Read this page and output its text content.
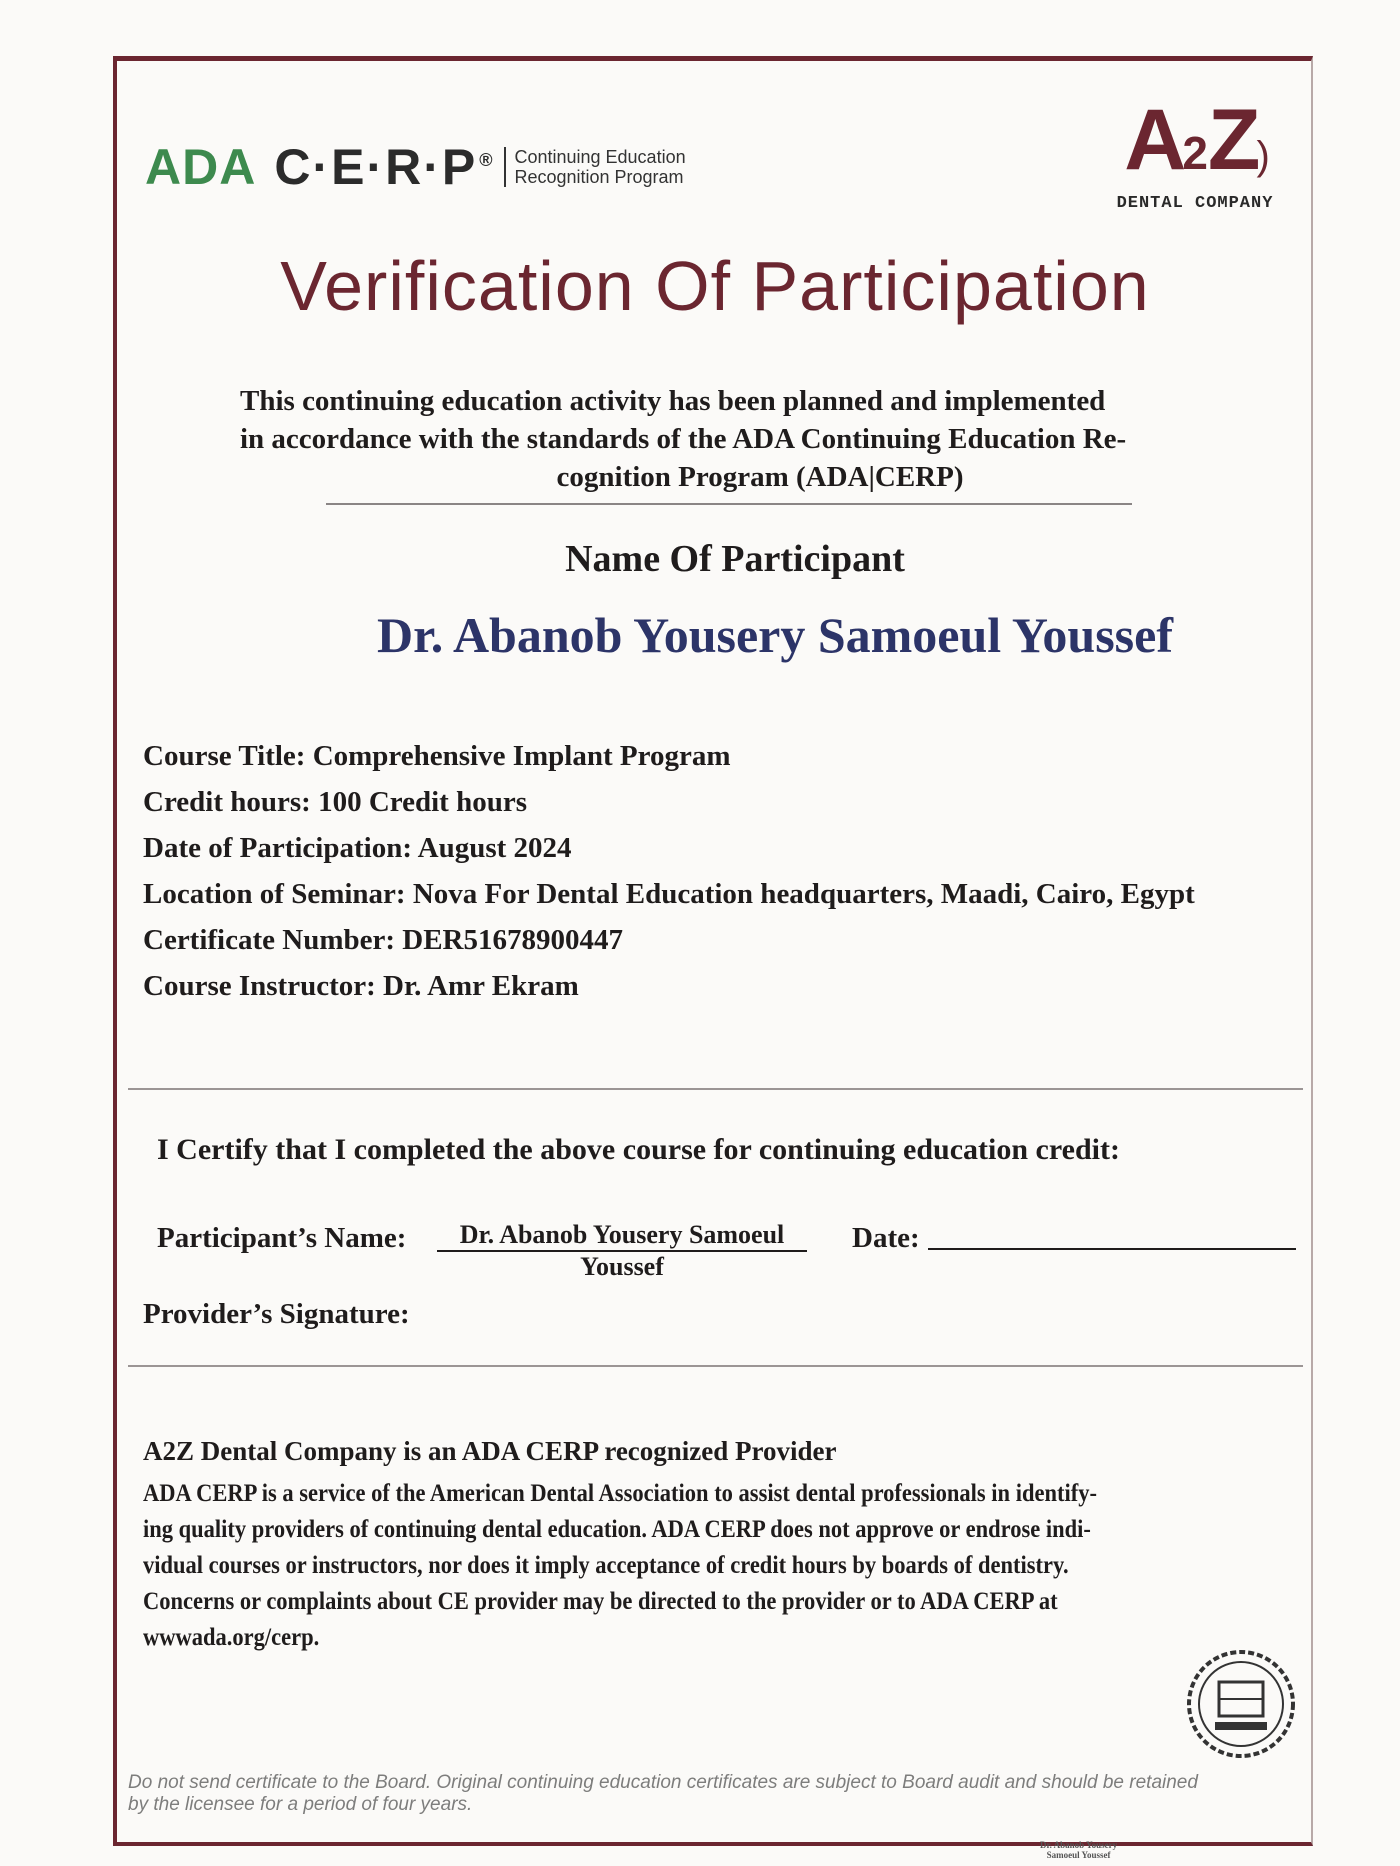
ADA C·E·R·P ® Continuing Education
Recognition Program	A2Z)
DENTAL COMPANY
Verification Of Participation
This continuing education activity has been planned and implemented
in accordance with the standards of the ADA Continuing Education Re-
cognition Program (ADA|CERP)
Name Of Participant
Dr. Abanob Yousery Samoeul Youssef
Course Title: Comprehensive Implant Program
Credit hours: 100 Credit hours
Date of Participation: August 2024
Location of Seminar: Nova For Dental Education headquarters, Maadi, Cairo, Egypt
Certificate Number: DER51678900447
Course Instructor: Dr. Amr Ekram
I Certify that I completed the above course for continuing education credit:
Participant’s Name:	Dr. Abanob Yousery Samoeul
Youssef
Date:
Provider’s Signature:
A2Z Dental Company is an ADA CERP recognized Provider
ADA CERP is a service of the American Dental Association to assist dental professionals in identify-
ing quality providers of continuing dental education. ADA CERP does not approve or endrose indi-
vidual courses or instructors, nor does it imply acceptance of credit hours by boards of dentistry.
Concerns or complaints about CE provider may be directed to the provider or to ADA CERP at
wwwada.org/cerp.
Do not send certificate to the Board. Original continuing education certificates are subject to Board audit and should be retained
by the licensee for a period of four years.
Dr. Abanob Yousery
Samoeul Youssef
